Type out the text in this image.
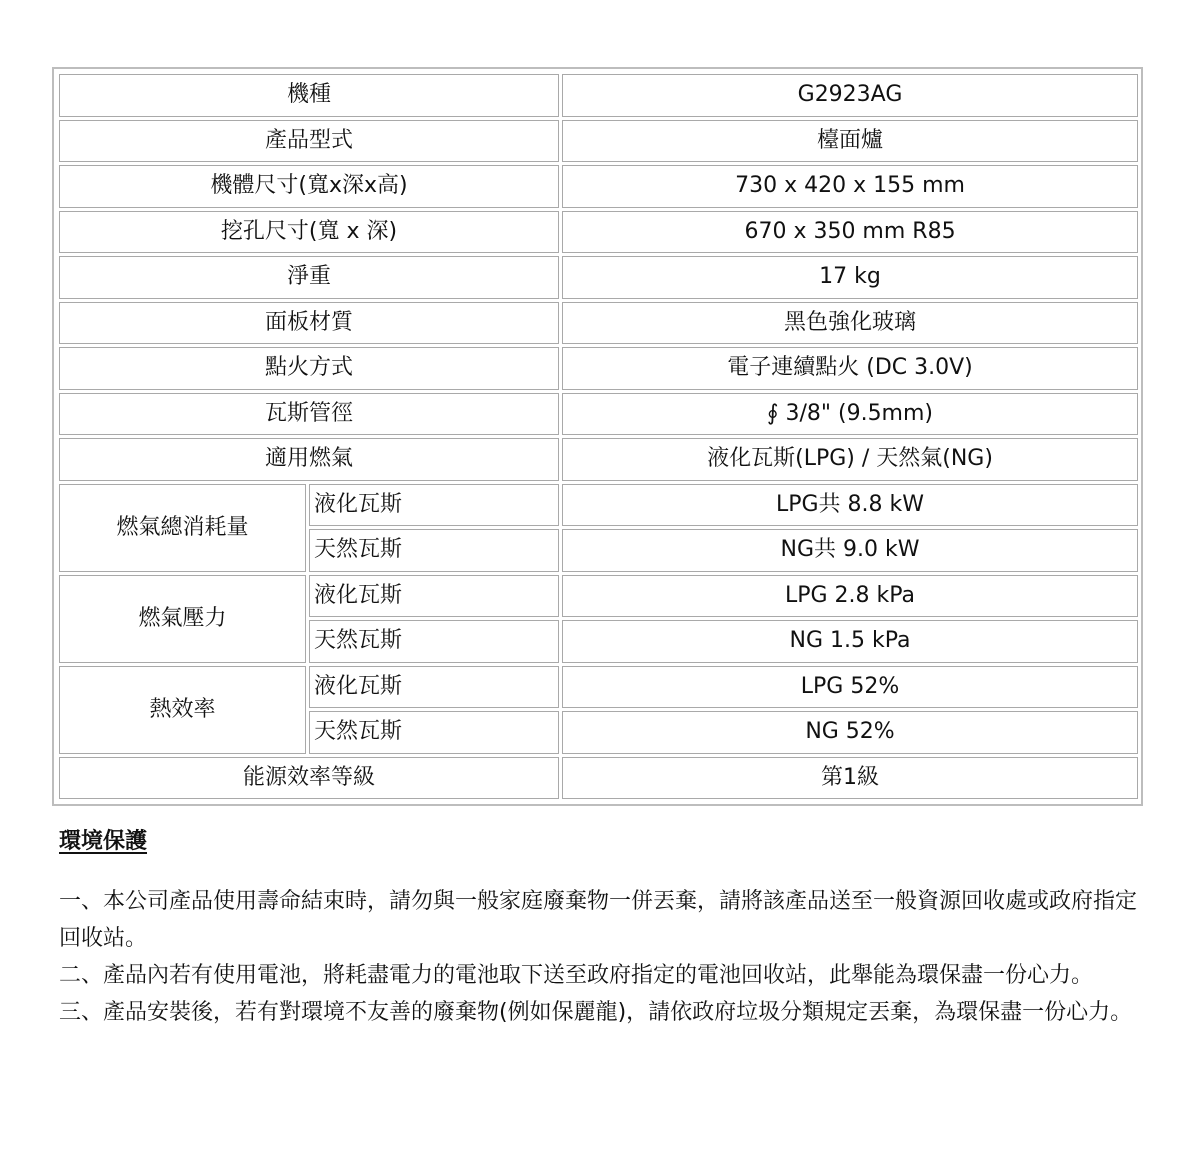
機種		G2923AG
產品型式		檯面爐
機體尺寸(寬x深x高)		730 x 420 x 155 mm
挖孔尺寸(寬 x 深)		670 x 350 mm R85
淨重		17 kg
面板材質		黑色強化玻璃
點火方式		電子連續點火 (DC 3.0V)
瓦斯管徑		∮ 3/8" (9.5mm)
適用燃氣		液化瓦斯(LPG) / 天然氣(NG)
燃氣總消耗量	液化瓦斯	LPG共 8.8 kW
	天然瓦斯	NG共 9.0 kW
燃氣壓力	液化瓦斯	LPG 2.8 kPa
	天然瓦斯	NG 1.5 kPa
熱效率	液化瓦斯	LPG 52%
	天然瓦斯	NG 52%
能源效率等級		第1級
環境保護

一、本公司產品使用壽命結束時，請勿與一般家庭廢棄物一併丟棄，請將該產品送至一般資源回收處或政府指定回收站。

二、產品內若有使用電池，將耗盡電力的電池取下送至政府指定的電池回收站，此舉能為環保盡一份心力。

三、產品安裝後，若有對環境不友善的廢棄物(例如保麗龍)，請依政府垃圾分類規定丟棄，為環保盡一份心力。
